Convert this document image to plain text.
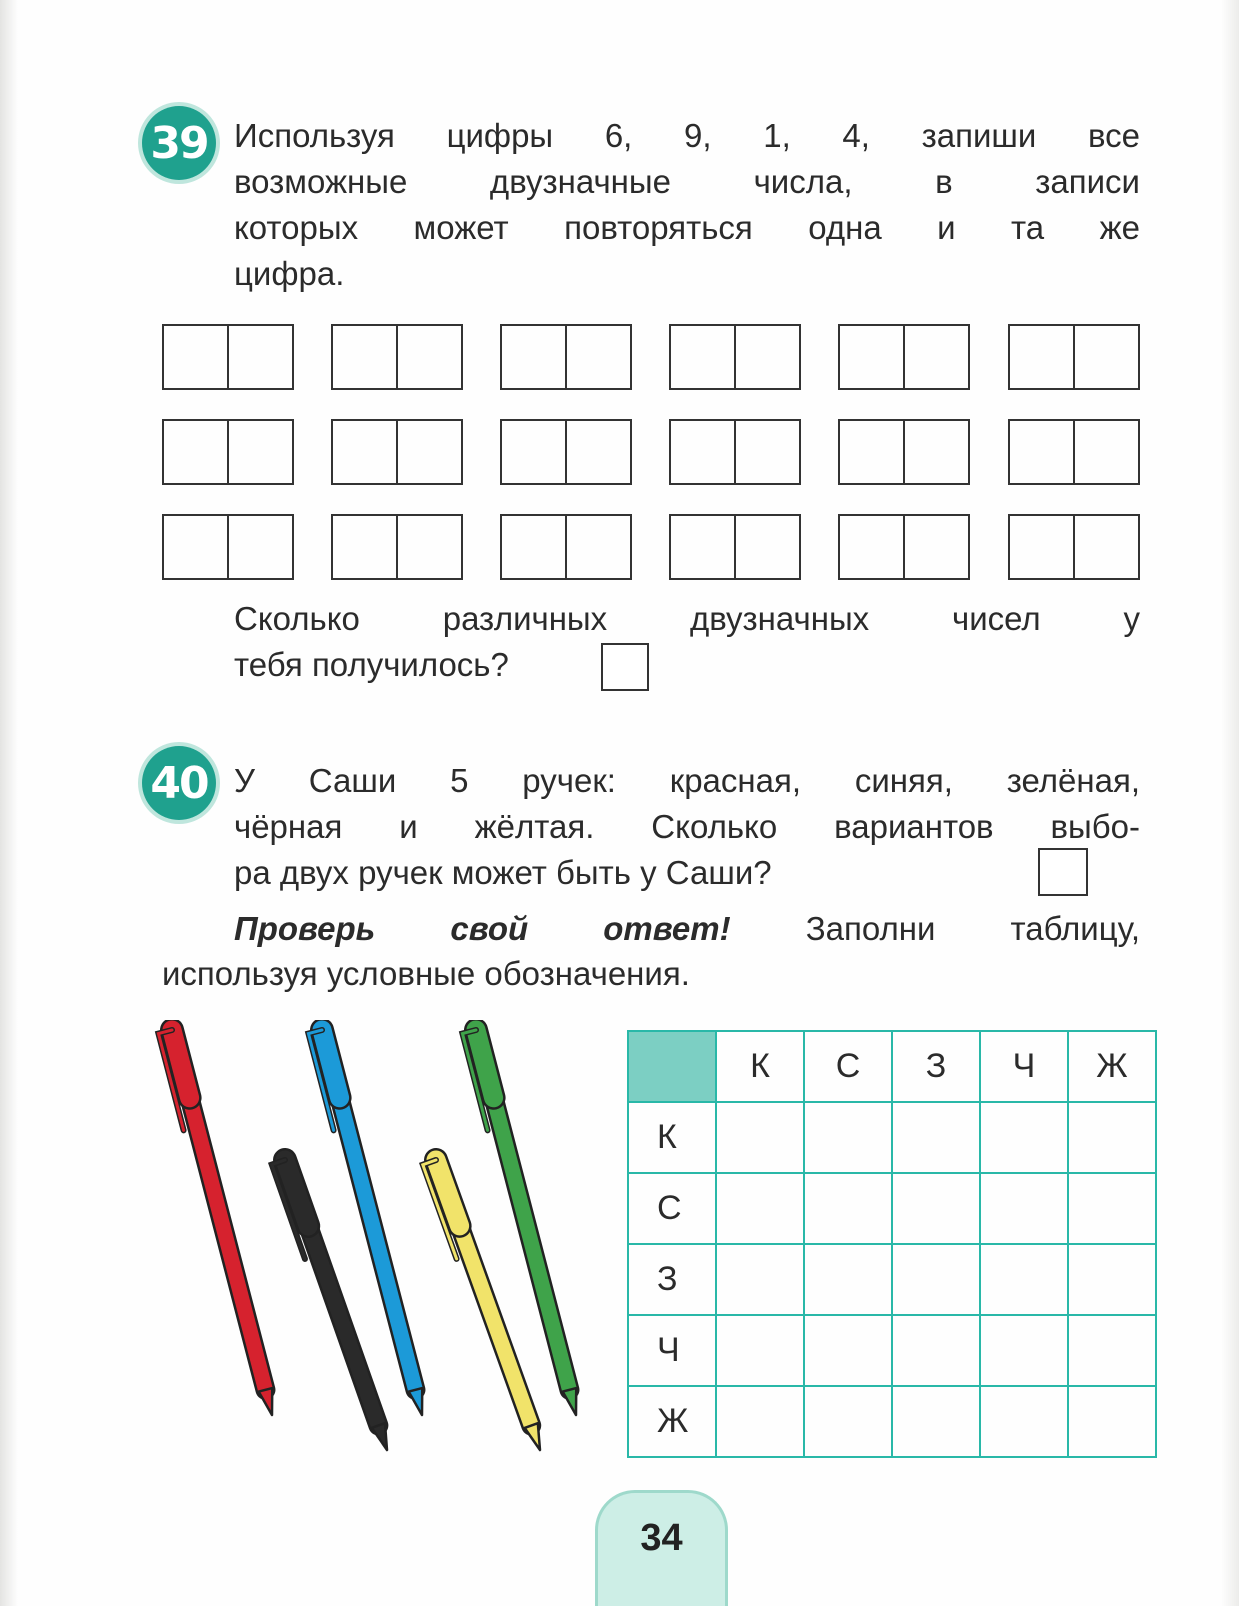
39 Используя цифры 6, 9, 1, 4, запиши все
возможные двузначные числа, в записи
которых может повторяться одна и та же
цифра.
Сколько различных двузначных чисел у
тебя получилось?
40 У Саши 5 ручек: красная, синяя, зелёная,
чёрная и жёлтая. Сколько вариантов выбо-
ра двух ручек может быть у Саши?
Проверь свой ответ! Заполни таблицу,
используя условные обозначения.
	К	С	З	Ч	Ж
К					
С					
З					
Ч					
Ж					
34
